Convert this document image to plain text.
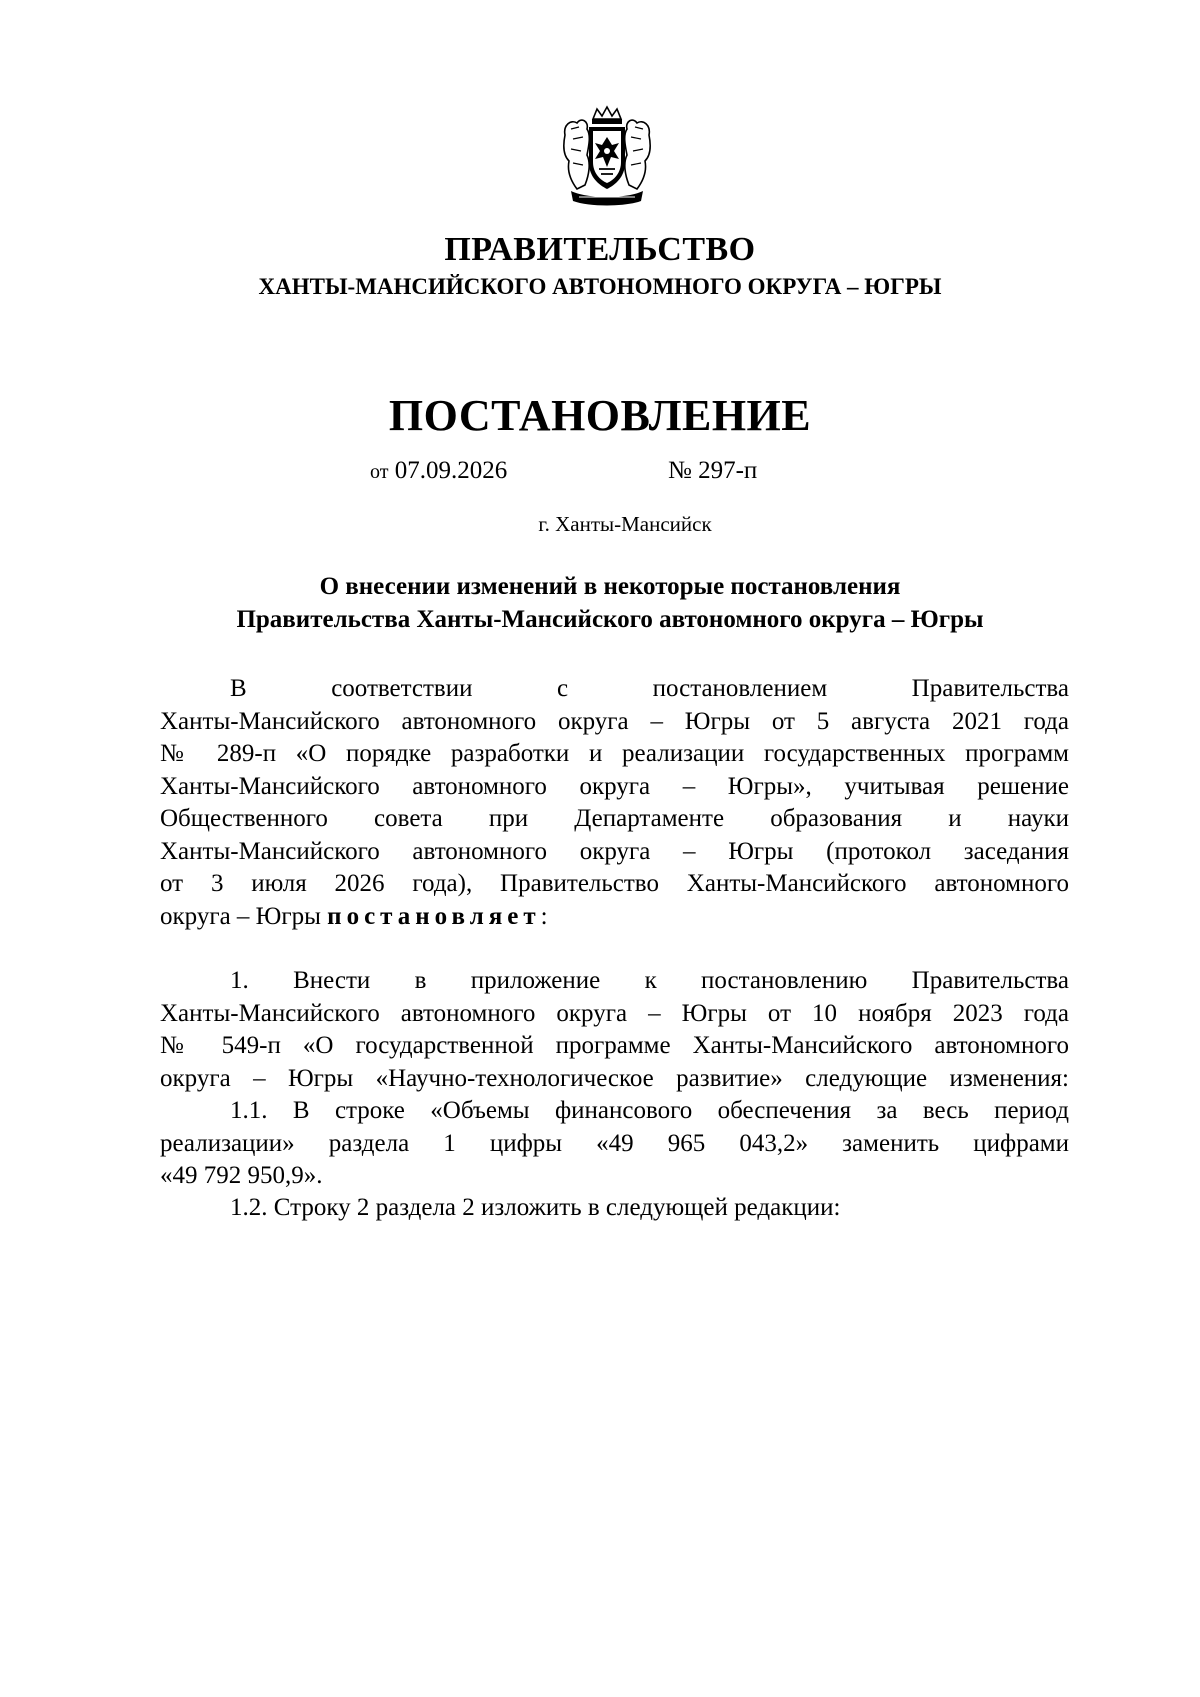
ПРАВИТЕЛЬСТВО
ХАНТЫ-МАНСИЙСКОГО АВТОНОМНОГО ОКРУГА – ЮГРЫ
ПОСТАНОВЛЕНИЕ
от 07.09.2026	№ 297-п
г. Ханты-Мансийск
О внесении изменений в некоторые постановления
Правительства Ханты-Мансийского автономного округа – Югры
В соответствии с постановлением Правительства
Ханты-Мансийского автономного округа – Югры от 5 августа 2021 года
№ 289-п «О порядке разработки и реализации государственных программ
Ханты-Мансийского автономного округа – Югры», учитывая решение
Общественного совета при Департаменте образования и науки
Ханты-Мансийского автономного округа – Югры (протокол заседания
от 3 июля 2026 года), Правительство Ханты-Мансийского автономного
округа – Югры постановляет:
1. Внести в приложение к постановлению Правительства
Ханты-Мансийского автономного округа – Югры от 10 ноября 2023 года
№ 549-п «О государственной программе Ханты-Мансийского автономного
округа – Югры «Научно-технологическое развитие» следующие изменения:
1.1. В строке «Объемы финансового обеспечения за весь период
реализации» раздела 1 цифры «49 965 043,2» заменить цифрами
«49 792 950,9».
1.2. Строку 2 раздела 2 изложить в следующей редакции:
